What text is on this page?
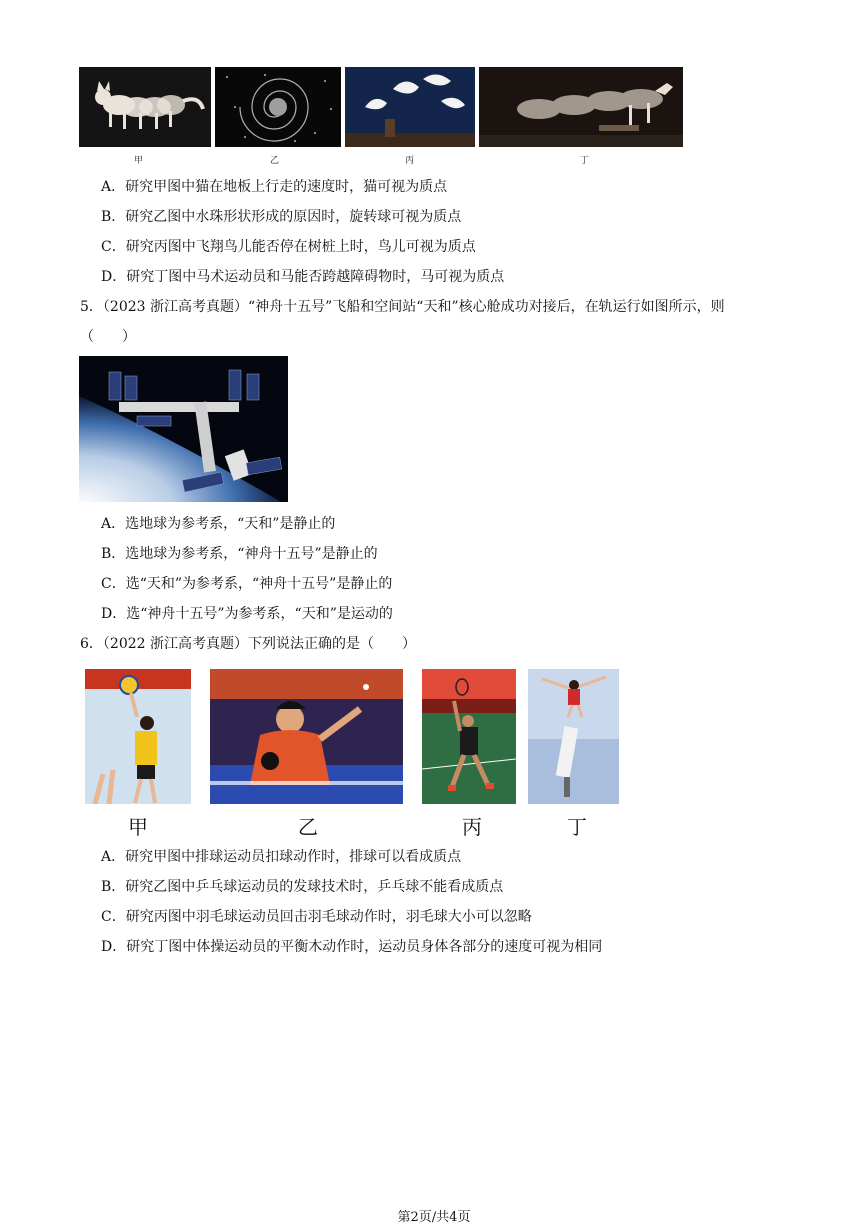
甲	乙	丙	丁
A．研究甲图中猫在地板上行走的速度时，猫可视为质点
B．研究乙图中水珠形状形成的原因时，旋转球可视为质点
C．研究丙图中飞翔鸟儿能否停在树桩上时，鸟儿可视为质点
D．研究丁图中马术运动员和马能否跨越障碍物时，马可视为质点
5．（2023 浙江高考真题）“神舟十五号”飞船和空间站“天和”核心舱成功对接后，在轨运行如图所示，则
（　　）
A．选地球为参考系，“天和”是静止的
B．选地球为参考系，“神舟十五号”是静止的
C．选“天和”为参考系，“神舟十五号”是静止的
D．选“神舟十五号”为参考系，“天和”是运动的
6．（2022 浙江高考真题）下列说法正确的是（　　）
甲	乙	丙	丁
A．研究甲图中排球运动员扣球动作时，排球可以看成质点
B．研究乙图中乒乓球运动员的发球技术时，乒乓球不能看成质点
C．研究丙图中羽毛球运动员回击羽毛球动作时，羽毛球大小可以忽略
D．研究丁图中体操运动员的平衡木动作时，运动员身体各部分的速度可视为相同
第2页/共4页
